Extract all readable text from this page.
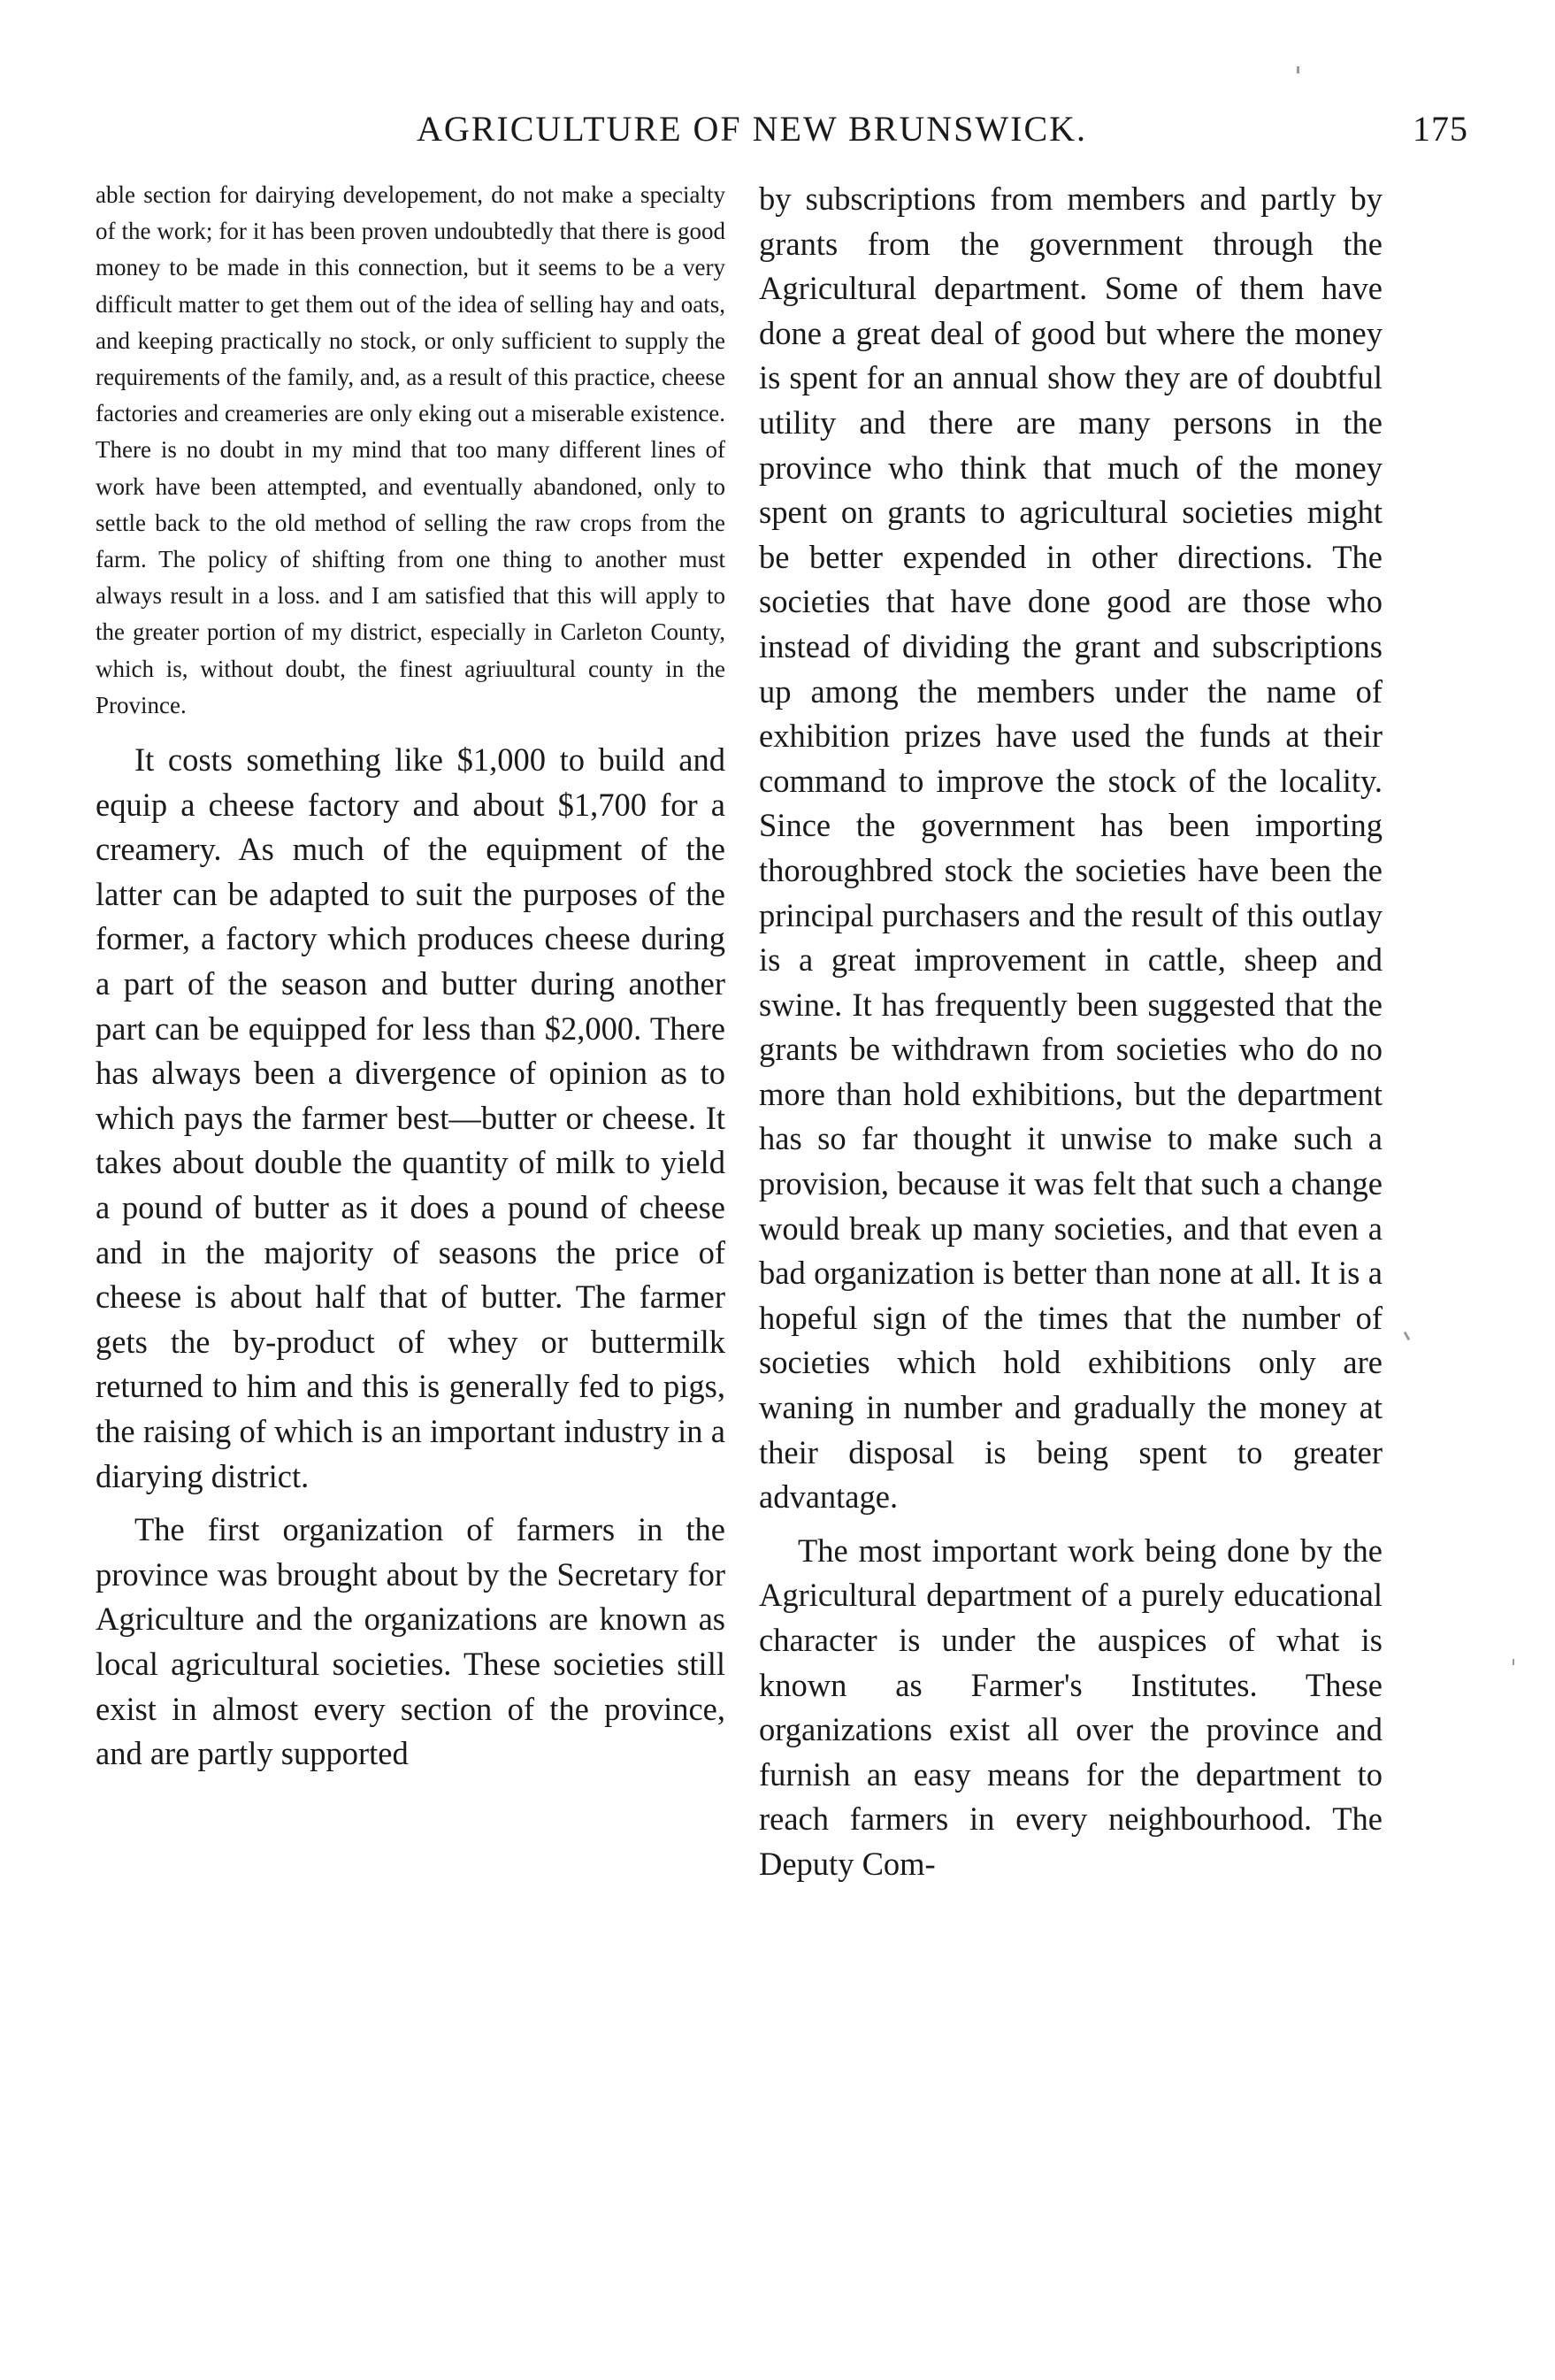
AGRICULTURE OF NEW BRUNSWICK.	175

able section for dairying developement, do not make a specialty of the work; for it has been proven undoubtedly that there is good money to be made in this connection, but it seems to be a very difficult matter to get them out of the idea of selling hay and oats, and keeping practically no stock, or only sufficient to supply the requirements of the family, and, as a result of this practice, cheese factories and creameries are only eking out a miserable existence. There is no doubt in my mind that too many different lines of work have been attempted, and eventually abandoned, only to settle back to the old method of selling the raw crops from the farm. The policy of shifting from one thing to another must always result in a loss. and I am satisfied that this will apply to the greater portion of my district, especially in Carleton County, which is, without doubt, the finest agriuultural county in the Province.

It costs something like $1,000 to build and equip a cheese factory and about $1,700 for a creamery. As much of the equipment of the latter can be adapted to suit the purposes of the former, a factory which produces cheese during a part of the season and butter during another part can be equipped for less than $2,000. There has always been a divergence of opinion as to which pays the farmer best—butter or cheese. It takes about double the quantity of milk to yield a pound of butter as it does a pound of cheese and in the majority of seasons the price of cheese is about half that of butter. The farmer gets the by-product of whey or buttermilk returned to him and this is generally fed to pigs, the raising of which is an important industry in a diarying district.

The first organization of farmers in the province was brought about by the Secretary for Agriculture and the organizations are known as local agricultural societies. These societies still exist in almost every section of the province, and are partly supported

by subscriptions from members and partly by grants from the government through the Agricultural department. Some of them have done a great deal of good but where the money is spent for an annual show they are of doubtful utility and there are many persons in the province who think that much of the money spent on grants to agricultural societies might be better expended in other directions. The societies that have done good are those who instead of dividing the grant and subscriptions up among the members under the name of exhibition prizes have used the funds at their command to improve the stock of the locality. Since the government has been importing thoroughbred stock the societies have been the principal purchasers and the result of this outlay is a great improvement in cattle, sheep and swine. It has frequently been suggested that the grants be withdrawn from societies who do no more than hold exhibitions, but the department has so far thought it unwise to make such a provision, because it was felt that such a change would break up many societies, and that even a bad organization is better than none at all. It is a hopeful sign of the times that the number of societies which hold exhibitions only are waning in number and gradually the money at their disposal is being spent to greater advantage.

The most important work being done by the Agricultural department of a purely educational character is under the auspices of what is known as Farmer's Institutes. These organizations exist all over the province and furnish an easy means for the department to reach farmers in every neighbourhood. The Deputy Com-
